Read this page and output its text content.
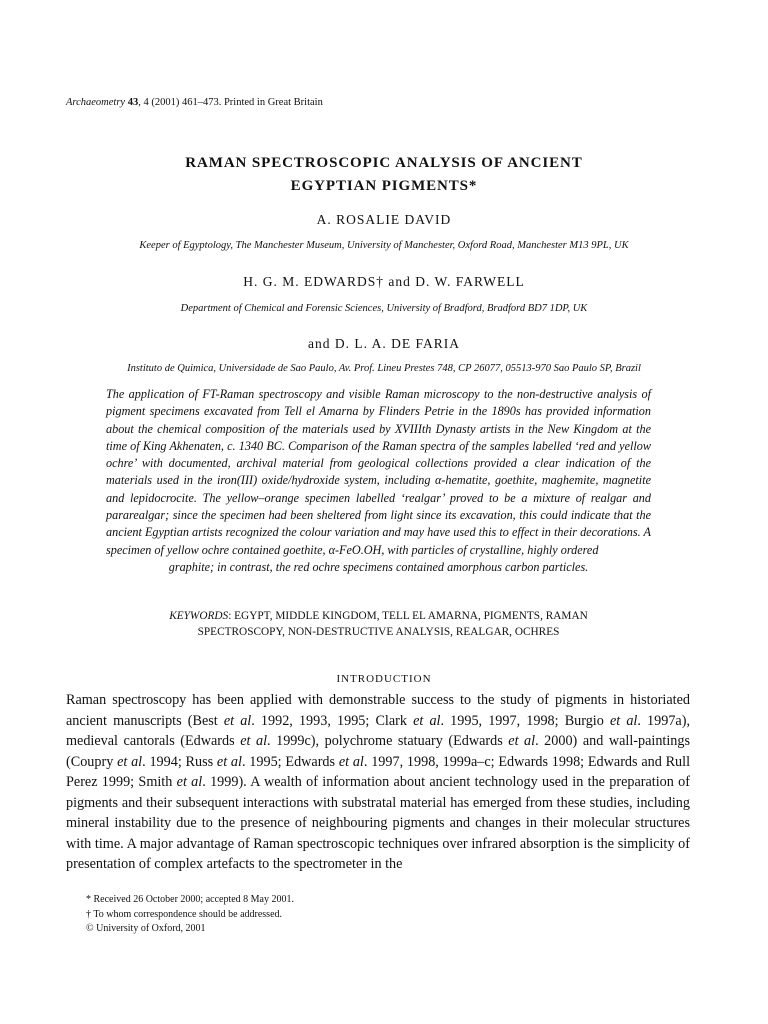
Archaeometry 43, 4 (2001) 461–473. Printed in Great Britain
RAMAN SPECTROSCOPIC ANALYSIS OF ANCIENT
EGYPTIAN PIGMENTS*
A. ROSALIE DAVID
Keeper of Egyptology, The Manchester Museum, University of Manchester, Oxford Road, Manchester M13 9PL, UK
H. G. M. EDWARDS† and D. W. FARWELL
Department of Chemical and Forensic Sciences, University of Bradford, Bradford BD7 1DP, UK
and D. L. A. DE FARIA
Instituto de Quimica, Universidade de Sao Paulo, Av. Prof. Lineu Prestes 748, CP 26077, 05513-970 Sao Paulo SP, Brazil
The application of FT-Raman spectroscopy and visible Raman microscopy to the non-destructive analysis of pigment specimens excavated from Tell el Amarna by Flinders Petrie in the 1890s has provided information about the chemical composition of the materials used by XVIIIth Dynasty artists in the New Kingdom at the time of King Akhenaten, c. 1340 BC. Comparison of the Raman spectra of the samples labelled ‘red and yellow ochre’ with documented, archival material from geological collections provided a clear indication of the materials used in the iron(III) oxide/hydroxide system, including α-hematite, goethite, maghemite, magnetite and lepidocrocite. The yellow–orange specimen labelled ‘realgar’ proved to be a mixture of realgar and pararealgar; since the specimen had been sheltered from light since its excavation, this could indicate that the ancient Egyptian artists recognized the colour variation and may have used this to effect in their decorations. A specimen of yellow ochre contained goethite, α-FeO.OH, with particles of crystalline, highly ordered
graphite; in contrast, the red ochre specimens contained amorphous carbon particles.
KEYWORDS: EGYPT, MIDDLE KINGDOM, TELL EL AMARNA, PIGMENTS, RAMAN
SPECTROSCOPY, NON-DESTRUCTIVE ANALYSIS, REALGAR, OCHRES
INTRODUCTION
Raman spectroscopy has been applied with demonstrable success to the study of pigments in historiated ancient manuscripts (Best et al. 1992, 1993, 1995; Clark et al. 1995, 1997, 1998; Burgio et al. 1997a), medieval cantorals (Edwards et al. 1999c), polychrome statuary (Edwards et al. 2000) and wall-paintings (Coupry et al. 1994; Russ et al. 1995; Edwards et al. 1997, 1998, 1999a–c; Edwards 1998; Edwards and Rull Perez 1999; Smith et al. 1999). A wealth of information about ancient technology used in the preparation of pigments and their subsequent interactions with substratal material has emerged from these studies, including mineral instability due to the presence of neighbouring pigments and changes in their molecular structures with time. A major advantage of Raman spectroscopic techniques over infrared absorption is the simplicity of presentation of complex artefacts to the spectrometer in the
* Received 26 October 2000; accepted 8 May 2001.
† To whom correspondence should be addressed.
© University of Oxford, 2001
